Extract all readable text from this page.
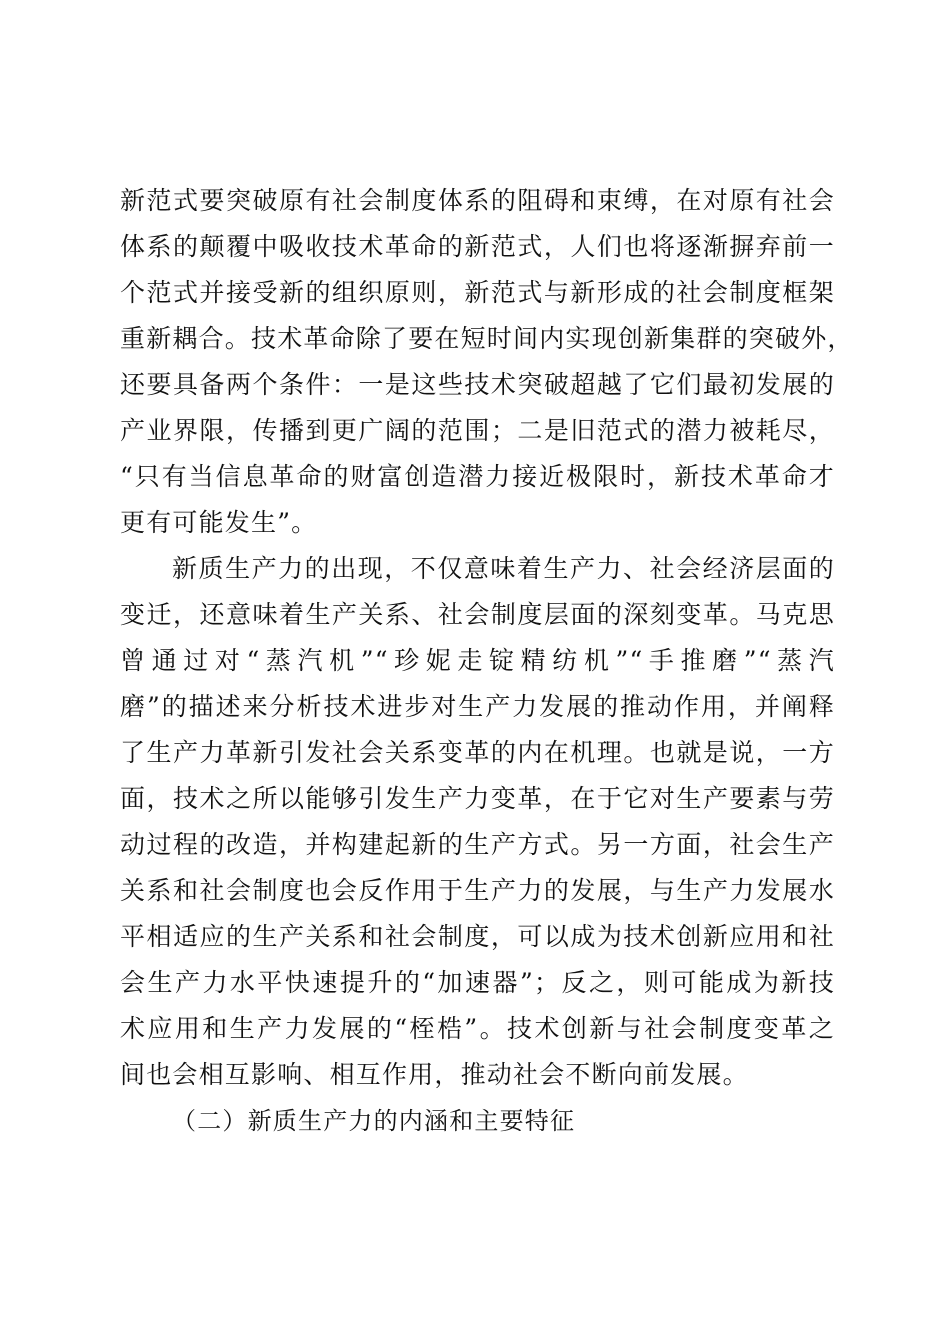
新范式要突破原有社会制度体系的阻碍和束缚，在对原有社会
体系的颠覆中吸收技术革命的新范式，人们也将逐渐摒弃前一
个范式并接受新的组织原则，新范式与新形成的社会制度框架
重新耦合。技术革命除了要在短时间内实现创新集群的突破外，
还要具备两个条件：一是这些技术突破超越了它们最初发展的
产业界限，传播到更广阔的范围；二是旧范式的潜力被耗尽，
“只有当信息革命的财富创造潜力接近极限时，新技术革命才
更有可能发生”。
新质生产力的出现，不仅意味着生产力、社会经济层面的
变迁，还意味着生产关系、社会制度层面的深刻变革。马克思
曾通过对“蒸汽机”“珍妮走锭精纺机”“手推磨”“蒸汽
磨”的描述来分析技术进步对生产力发展的推动作用，并阐释
了生产力革新引发社会关系变革的内在机理。也就是说，一方
面，技术之所以能够引发生产力变革，在于它对生产要素与劳
动过程的改造，并构建起新的生产方式。另一方面，社会生产
关系和社会制度也会反作用于生产力的发展，与生产力发展水
平相适应的生产关系和社会制度，可以成为技术创新应用和社
会生产力水平快速提升的“加速器”；反之，则可能成为新技
术应用和生产力发展的“桎梏”。技术创新与社会制度变革之
间也会相互影响、相互作用，推动社会不断向前发展。
（二）新质生产力的内涵和主要特征
